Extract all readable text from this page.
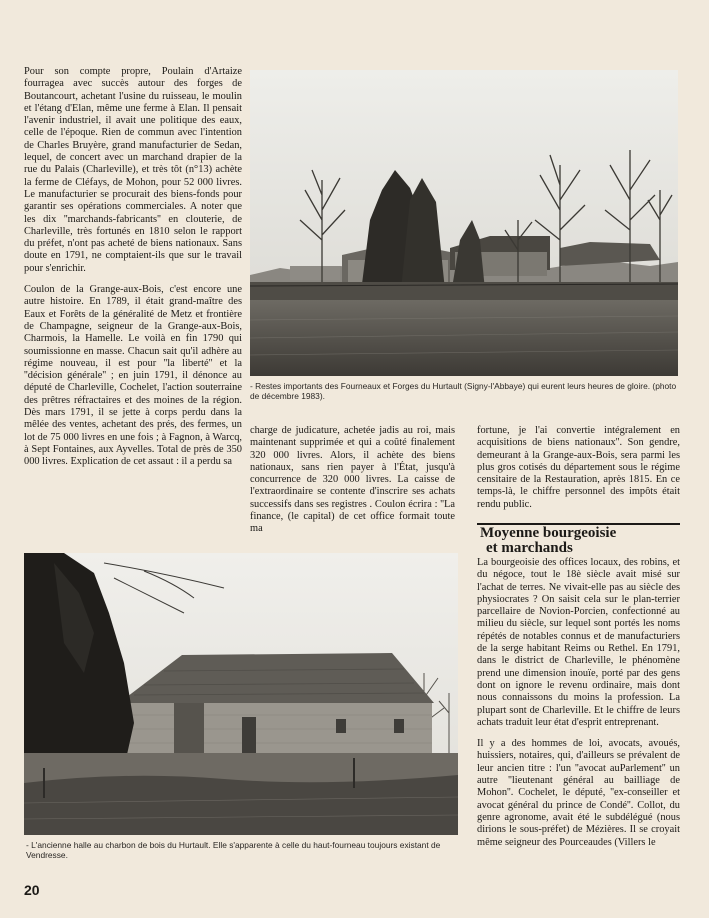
Pour son compte propre, Poulain d'Artaize fourragea avec succès autour des forges de Boutancourt, achetant l'usine du ruisseau, le moulin et l'étang d'Elan, même une ferme à Elan. Il pensait l'avenir industriel, il avait une politique des eaux, celle de l'époque. Rien de commun avec l'intention de Charles Bruyère, grand manufacturier de Sedan, lequel, de concert avec un marchand drapier de la rue du Palais (Charleville), et très tôt (n°13) achète la ferme de Cléfays, de Mohon, pour 52 000 livres. Le manufacturier se procurait des biens-fonds pour garantir ses opérations commerciales. A noter que les dix ''marchands-fabricants'' en clouterie, de Charleville, très fortunés en 1810 selon le rapport du préfet, n'ont pas acheté de biens nationaux. Sans doute en 1791, ne comptaient-ils que sur le travail pour s'enrichir.

Coulon de la Grange-aux-Bois, c'est encore une autre histoire. En 1789, il était grand-maître des Eaux et Forêts de la généralité de Metz et frontière de Champagne, seigneur de la Grange-aux-Bois, Charmois, la Hamelle. Le voilà en fin 1790 qui soumissionne en masse. Chacun sait qu'il adhère au régime nouveau, il est pour ''la liberté'' et la ''décision générale'' ; en juin 1791, il dénonce au député de Charleville, Cochelet, l'action souterraine des prêtres réfractaires et des moines de la région. Dès mars 1791, il se jette à corps perdu dans la mêlée des ventes, achetant des prés, des fermes, un lot de 75 000 livres en une fois ; à Fagnon, à Warcq, à Sept Fontaines, aux Ayvelles. Total de près de 350 000 livres. Explication de cet assaut : il a perdu sa

- Restes importants des Fourneaux et Forges du Hurtault (Signy-l'Abbaye) qui eurent leurs heures de gloire. (photo de décembre 1983).

charge de judicature, achetée jadis au roi, mais maintenant supprimée et qui a coûté finalement 320 000 livres. Alors, il achète des biens nationaux, sans rien payer à l'État, jusqu'à concurrence de 320 000 livres. La caisse de l'extraordinaire se contente d'inscrire ses achats successifs dans ses registres . Coulon écrira : ''La finance, (le capital) de cet office formait toute ma

fortune, je l'ai convertie intégralement en acquisitions de biens nationaux''. Son gendre, demeurant à la Grange-aux-Bois, sera parmi les plus gros cotisés du département sous le régime censitaire de la Restauration, après 1815. En ce temps-là, le chiffre personnel des impôts était rendu public.

Moyenne bourgeoisie
et marchands

La bourgeoisie des offices locaux, des robins, et du négoce, tout le 18è siècle avait misé sur l'achat de terres. Ne vivait-elle pas au siècle des physiocrates ? On saisit cela sur le plan-terrier parcellaire de Novion-Porcien, confectionné au milieu du siècle, sur lequel sont portés les noms répétés de notables connus et de manufacturiers de la serge habitant Reims ou Rethel. En 1791, dans le district de Charleville, le phénomène prend une dimension inouïe, porté par des gens dont on ignore le revenu ordinaire, mais dont nous connaissons du moins la profession. La plupart sont de Charleville. Et le chiffre de leurs achats traduit leur état d'esprit entreprenant.

Il y a des hommes de loi, avocats, avoués, huissiers, notaires, qui, d'ailleurs se prévalent de leur ancien titre : l'un ''avocat auParlement'' un autre ''lieutenant général au bailliage de Mohon''. Cochelet, le député, ''ex-conseiller et avocat général du prince de Condé''. Collot, du genre agronome, avait été le subdélégué (nous dirions le sous-préfet) de Mézières. Il se croyait même seigneur des Pourceaudes (Villers le

- L'ancienne halle au charbon de bois du Hurtault. Elle s'apparente à celle du haut-fourneau toujours existant de Vendresse.
20
